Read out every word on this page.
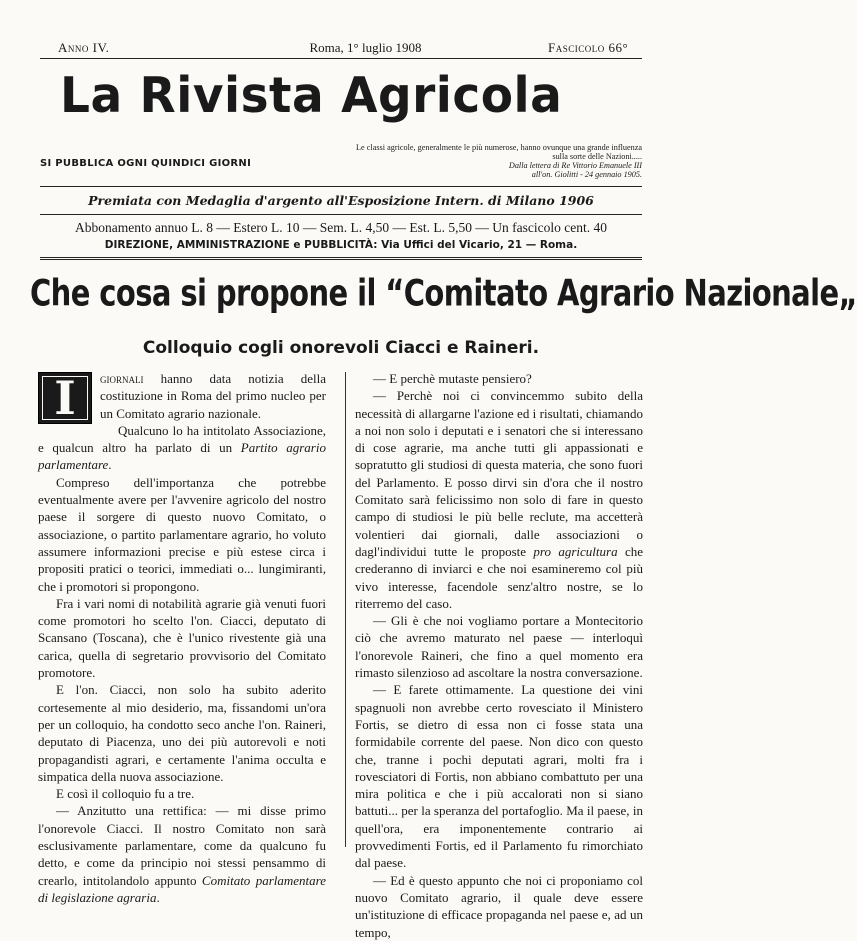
Anno IV.	Roma, 1° luglio 1908	Fascicolo 66°
La Rivista Agricola
SI PUBBLICA OGNI QUINDICI GIORNI
Le classi agricole, generalmente le più numerose, hanno ovunque una grande influenza sulla sorte delle Nazioni.....
Dalla lettera di Re Vittorio Emanuele III
all'on. Giolitti - 24 gennaio 1905.
Premiata con Medaglia d'argento all'Esposizione Intern. di Milano 1906
Abbonamento annuo L. 8 — Estero L. 10 — Sem. L. 4,50 — Est. L. 5,50 — Un fascicolo cent. 40
DIREZIONE, AMMINISTRAZIONE e PUBBLICITÀ: Via Uffici del Vicario, 21 — Roma.
Che cosa si propone il “Comitato Agrario Nazionale„
Colloquio cogli onorevoli Ciacci e Raineri.

I	giornali hanno data notizia della costituzione in Roma del primo nucleo per un Comitato agrario nazionale.

Qualcuno lo ha intitolato Associazione, e qualcun altro ha parlato di un Partito agrario parlamentare.

Compreso dell'importanza che potrebbe eventualmente avere per l'avvenire agricolo del nostro paese il sorgere di questo nuovo Comitato, o associazione, o partito parlamentare agrario, ho voluto assumere informazioni precise e più estese circa i propositi pratici o teorici, immediati o... lungimiranti, che i promotori si propongono.

Fra i vari nomi di notabilità agrarie già venuti fuori come promotori ho scelto l'on. Ciacci, deputato di Scansano (Toscana), che è l'unico rivestente già una carica, quella di segretario provvisorio del Comitato promotore.

E l'on. Ciacci, non solo ha subito aderito cortesemente al mio desiderio, ma, fissandomi un'ora per un colloquio, ha condotto seco anche l'on. Raineri, deputato di Piacenza, uno dei più autorevoli e noti propagandisti agrari, e certamente l'anima occulta e simpatica della nuova associazione.

E così il colloquio fu a tre.

— Anzitutto una rettifica: — mi disse primo l'onorevole Ciacci. Il nostro Comitato non sarà esclusivamente parlamentare, come da qualcuno fu detto, e come da principio noi stessi pensammo di crearlo, intitolandolo appunto Comitato parlamentare di legislazione agraria.

— E perchè mutaste pensiero?

— Perchè noi ci convincemmo subito della necessità di allargarne l'azione ed i risultati, chiamando a noi non solo i deputati e i senatori che si interessano di cose agrarie, ma anche tutti gli appassionati e sopratutto gli studiosi di questa materia, che sono fuori del Parlamento. E posso dirvi sin d'ora che il nostro Comitato sarà felicissimo non solo di fare in questo campo di studiosi le più belle reclute, ma accetterà volentieri dai giornali, dalle associazioni o dagl'individui tutte le proposte pro agricultura che crederanno di inviarci e che noi esamineremo col più vivo interesse, facendole senz'altro nostre, se lo riterremo del caso.

— Gli è che noi vogliamo portare a Montecitorio ciò che avremo maturato nel paese — interloquì l'onorevole Raineri, che fino a quel momento era rimasto silenzioso ad ascoltare la nostra conversazione.

— E farete ottimamente. La questione dei vini spagnuoli non avrebbe certo rovesciato il Ministero Fortis, se dietro di essa non ci fosse stata una formidabile corrente del paese. Non dico con questo che, tranne i pochi deputati agrari, molti fra i rovesciatori di Fortis, non abbiano combattuto per una mira politica e che i più accalorati non si siano battuti... per la speranza del portafoglio. Ma il paese, in quell'ora, era imponentemente contrario ai provvedimenti Fortis, ed il Parlamento fu rimorchiato dal paese.

— Ed è questo appunto che noi ci proponiamo col nuovo Comitato agrario, il quale deve essere un'istituzione di efficace propaganda nel paese e, ad un tempo,
